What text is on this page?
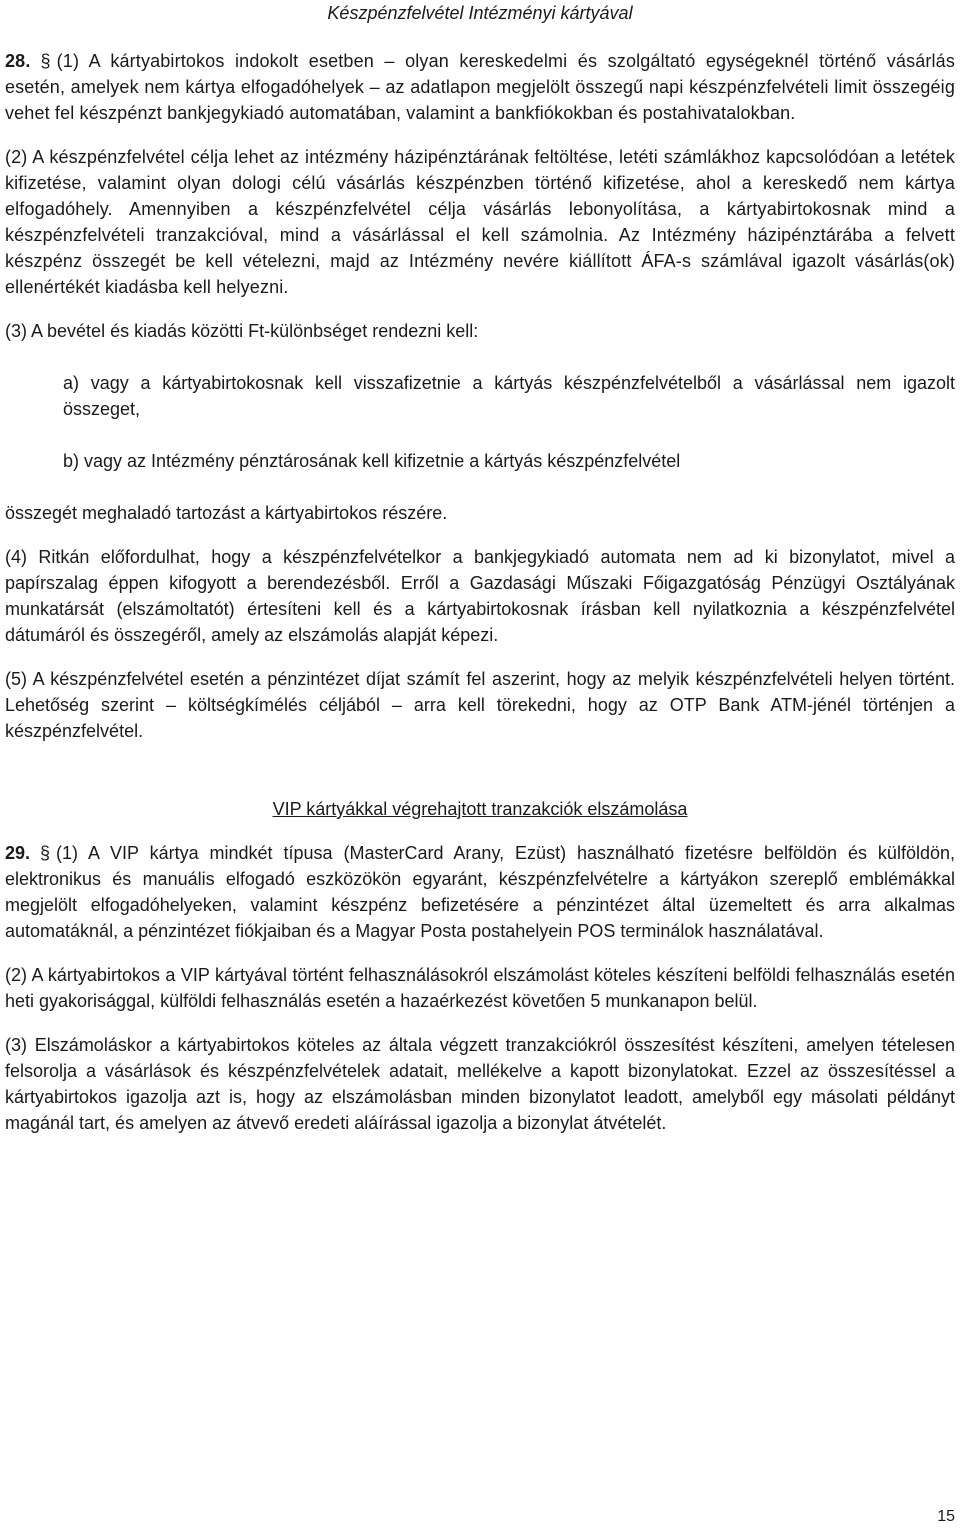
Készpénzfelvétel Intézményi kártyával

28. § (1) A kártyabirtokos indokolt esetben – olyan kereskedelmi és szolgáltató egységeknél történő vásárlás esetén, amelyek nem kártya elfogadóhelyek – az adatlapon megjelölt összegű napi készpénzfelvételi limit összegéig vehet fel készpénzt bankjegykiadó automatában, valamint a bankfiókokban és postahivatalokban.

(2) A készpénzfelvétel célja lehet az intézmény házipénztárának feltöltése, letéti számlákhoz kapcsolódóan a letétek kifizetése, valamint olyan dologi célú vásárlás készpénzben történő kifizetése, ahol a kereskedő nem kártya elfogadóhely. Amennyiben a készpénzfelvétel célja vásárlás lebonyolítása, a kártyabirtokosnak mind a készpénzfelvételi tranzakcióval, mind a vásárlással el kell számolnia. Az Intézmény házipénztárába a felvett készpénz összegét be kell vételezni, majd az Intézmény nevére kiállított ÁFA-s számlával igazolt vásárlás(ok) ellenértékét kiadásba kell helyezni.

(3) A bevétel és kiadás közötti Ft-különbséget rendezni kell:

a) vagy a kártyabirtokosnak kell visszafizetnie a kártyás készpénzfelvételből a vásárlással nem igazolt összeget,

b) vagy az Intézmény pénztárosának kell kifizetnie a kártyás készpénzfelvétel

összegét meghaladó tartozást a kártyabirtokos részére.

(4) Ritkán előfordulhat, hogy a készpénzfelvételkor a bankjegykiadó automata nem ad ki bizonylatot, mivel a papírszalag éppen kifogyott a berendezésből. Erről a Gazdasági Műszaki Főigazgatóság Pénzügyi Osztályának munkatársát (elszámoltatót) értesíteni kell és a kártyabirtokosnak írásban kell nyilatkoznia a készpénzfelvétel dátumáról és összegéről, amely az elszámolás alapját képezi.

(5) A készpénzfelvétel esetén a pénzintézet díjat számít fel aszerint, hogy az melyik készpénzfelvételi helyen történt. Lehetőség szerint – költségkímélés céljából – arra kell törekedni, hogy az OTP Bank ATM-jénél történjen a készpénzfelvétel.

VIP kártyákkal végrehajtott tranzakciók elszámolása

29. § (1) A VIP kártya mindkét típusa (MasterCard Arany, Ezüst) használható fizetésre belföldön és külföldön, elektronikus és manuális elfogadó eszközökön egyaránt, készpénzfelvételre a kártyákon szereplő emblémákkal megjelölt elfogadóhelyeken, valamint készpénz befizetésére a pénzintézet által üzemeltett és arra alkalmas automatáknál, a pénzintézet fiókjaiban és a Magyar Posta postahelyein POS terminálok használatával.

(2) A kártyabirtokos a VIP kártyával történt felhasználásokról elszámolást köteles készíteni belföldi felhasználás esetén heti gyakorisággal, külföldi felhasználás esetén a hazaérkezést követően 5 munkanapon belül.

(3) Elszámoláskor a kártyabirtokos köteles az általa végzett tranzakciókról összesítést készíteni, amelyen tételesen felsorolja a vásárlások és készpénzfelvételek adatait, mellékelve a kapott bizonylatokat. Ezzel az összesítéssel a kártyabirtokos igazolja azt is, hogy az elszámolásban minden bizonylatot leadott, amelyből egy másolati példányt magánál tart, és amelyen az átvevő eredeti aláírással igazolja a bizonylat átvételét.

15
